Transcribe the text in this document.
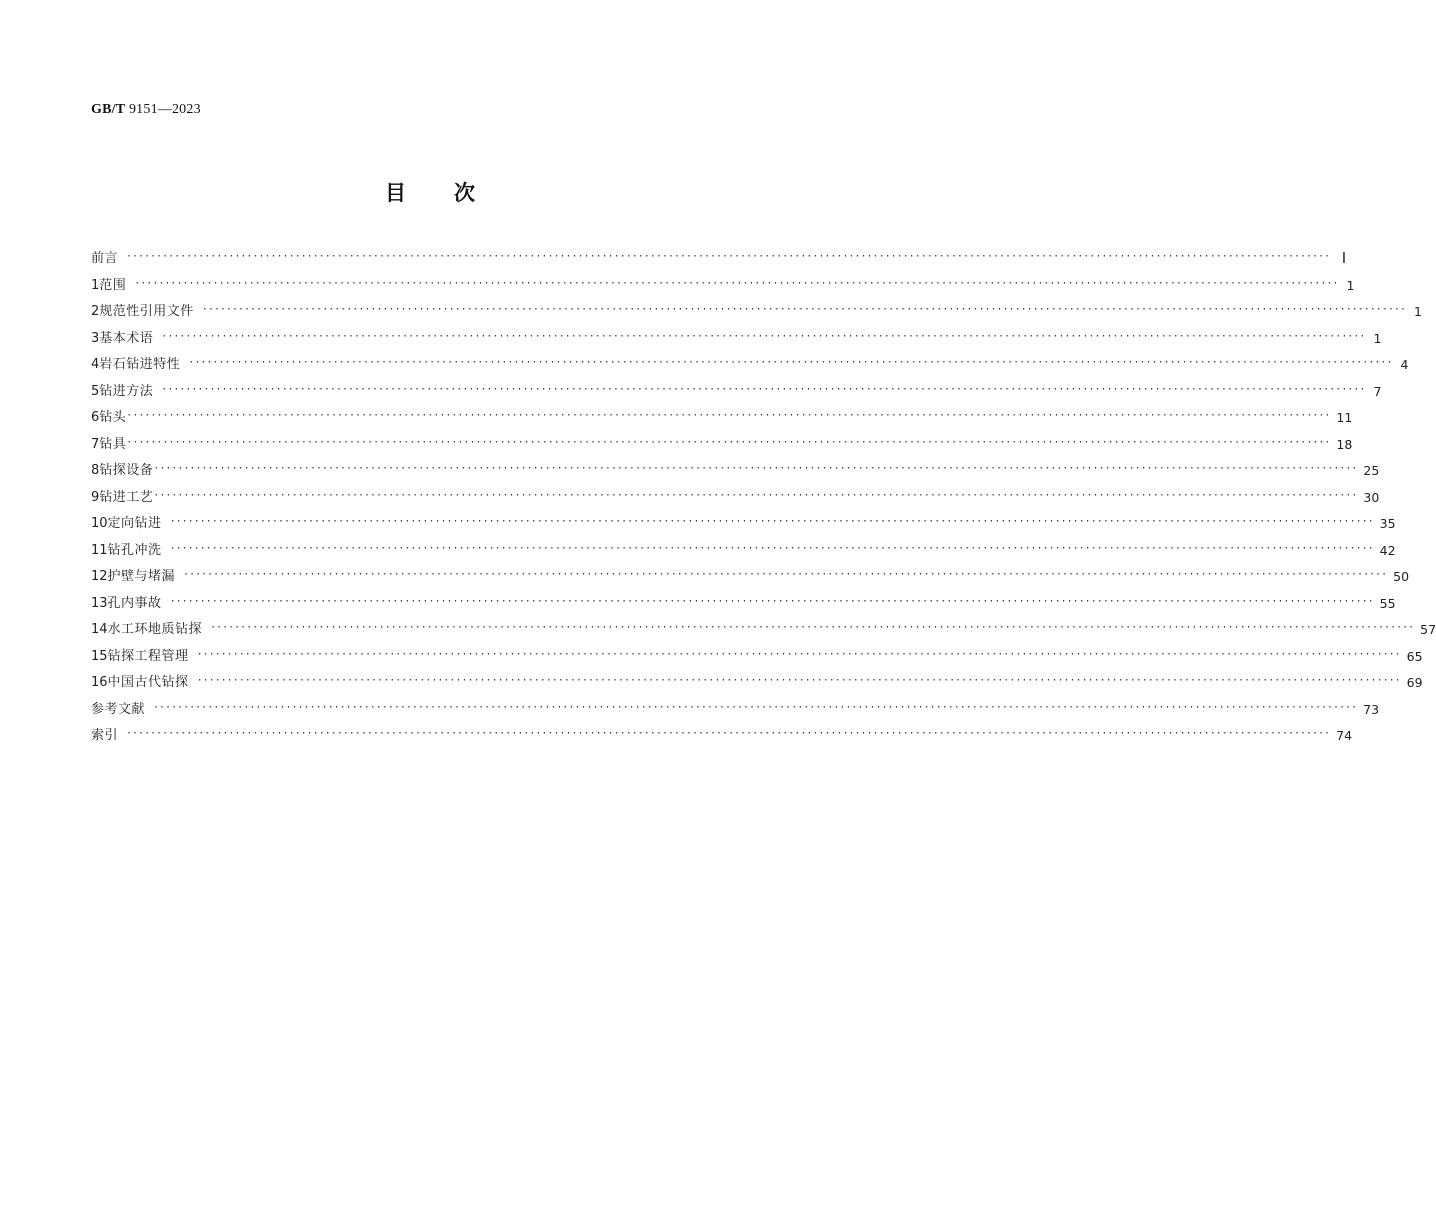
GB/T 9151—2023
目 次
前言 ········································································································································································································ Ⅰ
1 范围 ········································································································································································································ 1
2 规范性引用文件 ········································································································································································································ 1
3 基本术语 ········································································································································································································ 1
4 岩石钻进特性 ········································································································································································································ 4
5 钻进方法 ········································································································································································································ 7
6 钻头 ········································································································································································································ 11
7 钻具 ········································································································································································································ 18
8 钻探设备 ········································································································································································································ 25
9 钻进工艺 ········································································································································································································ 30
10 定向钻进 ········································································································································································································ 35
11 钻孔冲洗 ········································································································································································································ 42
12 护壁与堵漏 ········································································································································································································ 50
13 孔内事故 ········································································································································································································ 55
14 水工环地质钻探 ········································································································································································································ 57
15 钻探工程管理 ········································································································································································································ 65
16 中国古代钻探 ········································································································································································································ 69
参考文献 ········································································································································································································ 73
索引 ········································································································································································································ 74
